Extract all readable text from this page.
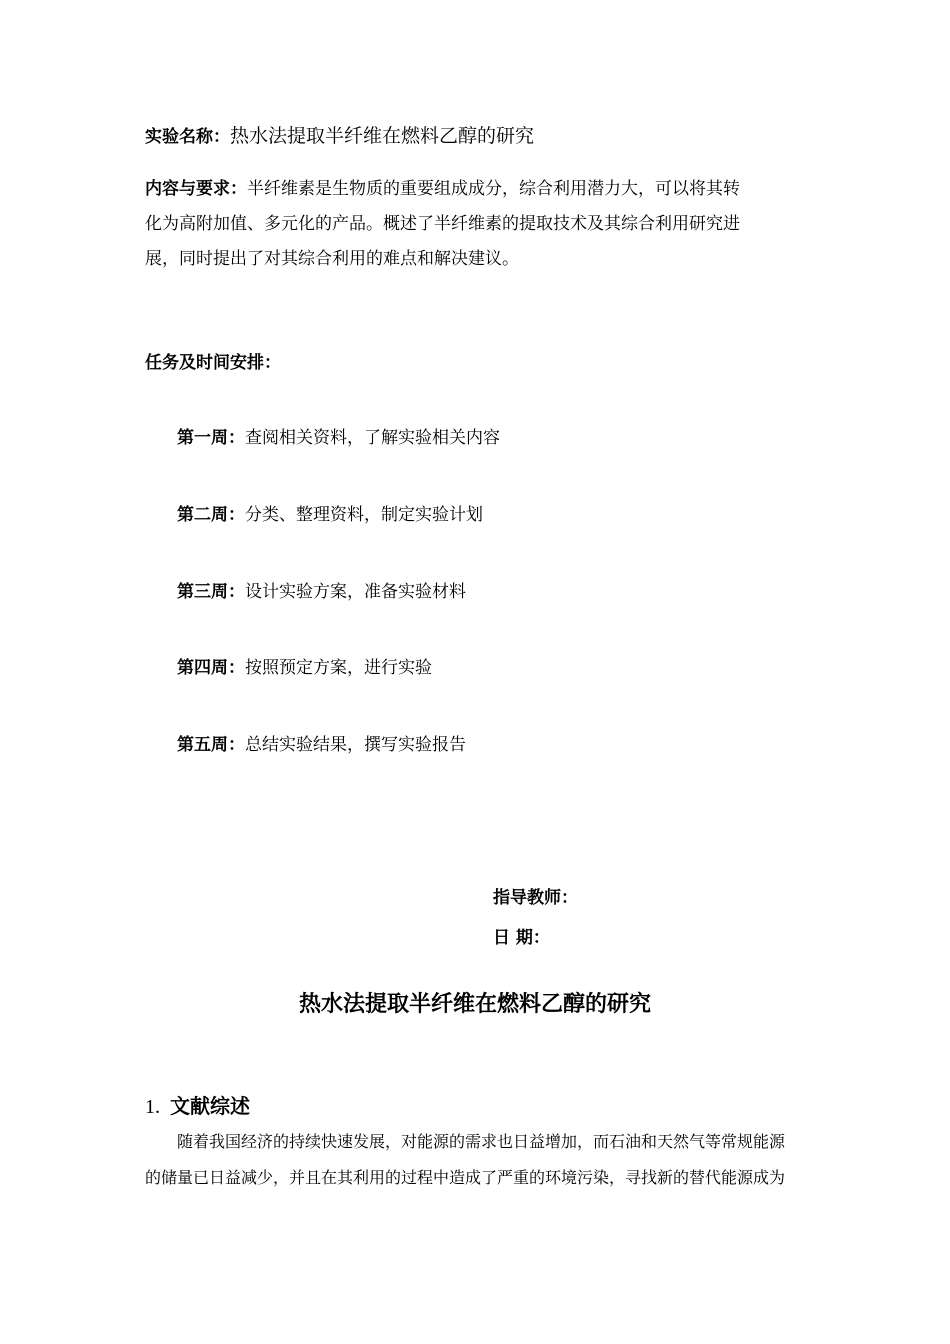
实验名称：热水法提取半纤维在燃料乙醇的研究
内容与要求：半纤维素是生物质的重要组成成分，综合利用潜力大，可以将其转
化为高附加值、多元化的产品。概述了半纤维素的提取技术及其综合利用研究进
展，同时提出了对其综合利用的难点和解决建议。
任务及时间安排：
第一周：查阅相关资料，了解实验相关内容
第二周：分类、整理资料，制定实验计划
第三周：设计实验方案，准备实验材料
第四周：按照预定方案，进行实验
第五周：总结实验结果，撰写实验报告
指导教师：
日 期：
热水法提取半纤维在燃料乙醇的研究
1. 文献综述
随着我国经济的持续快速发展，对能源的需求也日益增加，而石油和天然气等常规能源
的储量已日益减少，并且在其利用的过程中造成了严重的环境污染，寻找新的替代能源成为
